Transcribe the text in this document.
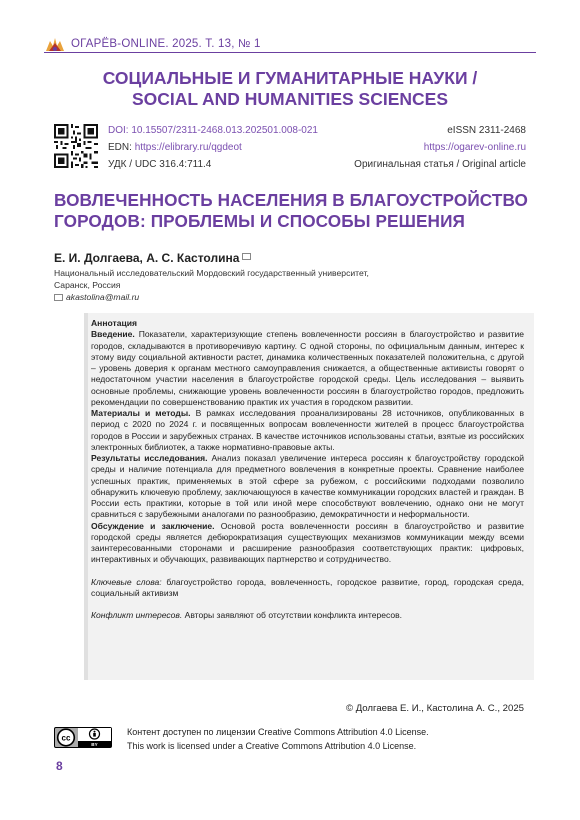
ОГАРЁВ-ONLINE. 2025. Т. 13, № 1
СОЦИАЛЬНЫЕ И ГУМАНИТАРНЫЕ НАУКИ /
SOCIAL AND HUMANITIES SCIENCES
DOI: 10.15507/2311-2468.013.202501.008-021
EDN: https://elibrary.ru/qgdeot
УДК / UDC 316.4:711.4
eISSN 2311-2468
https://ogarev-online.ru
Оригинальная статья / Original article
ВОВЛЕЧЕННОСТЬ НАСЕЛЕНИЯ В БЛАГОУСТРОЙСТВО
ГОРОДОВ: ПРОБЛЕМЫ И СПОСОБЫ РЕШЕНИЯ
Е. И. Долгаева, А. С. Кастолина
Национальный исследовательский Мордовский государственный университет,
Саранск, Россия
akastolina@mail.ru

Аннотация

Введение. Показатели, характеризующие степень вовлеченности россиян в благоустройство и развитие городов, складываются в противоречивую картину. С одной стороны, по официальным данным, интерес к этому виду социальной активности растет, динамика количественных показателей положительна, с другой – уровень доверия к органам местного самоуправления снижается, а общественные активисты говорят о недостаточном участии населения в благоустройстве городской среды. Цель исследования – выявить основные проблемы, снижающие уровень вовлеченности россиян в благоустройство городов, предложить рекомендации по совершенствованию практик их участия в городском развитии.

Материалы и методы. В рамках исследования проанализированы 28 источников, опубликованных в период с 2020 по 2024 г. и посвященных вопросам вовлеченности жителей в процесс благоустройства городов в России и зарубежных странах. В качестве источников использованы статьи, взятые из российских электронных библиотек, а также нормативно-правовые акты.

Результаты исследования. Анализ показал увеличение интереса россиян к благоустройству городской среды и наличие потенциала для предметного вовлечения в конкретные проекты. Сравнение наиболее успешных практик, применяемых в этой сфере за рубежом, с российскими подходами позволило обнаружить ключевую проблему, заключающуюся в качестве коммуникации городских властей и граждан. В России есть практики, которые в той или иной мере способствуют вовлечению, однако они не могут сравниться с зарубежными аналогами по разнообразию, демократичности и неформальности.

Обсуждение и заключение. Основой роста вовлеченности россиян в благоустройство и развитие городской среды является дебюрократизация существующих механизмов коммуникации между всеми заинтересованными сторонами и расширение разнообразия соответствующих практик: цифровых, интерактивных и обучающих, развивающих партнерство и сотрудничество.

Ключевые слова: благоустройство города, вовлеченность, городское развитие, город, городская среда, социальный активизм

Конфликт интересов. Авторы заявляют об отсутствии конфликта интересов.

© Долгаева Е. И., Кастолина А. С., 2025
cc
BY
Контент доступен по лицензии Creative Commons Attribution 4.0 License.
This work is licensed under a Creative Commons Attribution 4.0 License.
8
